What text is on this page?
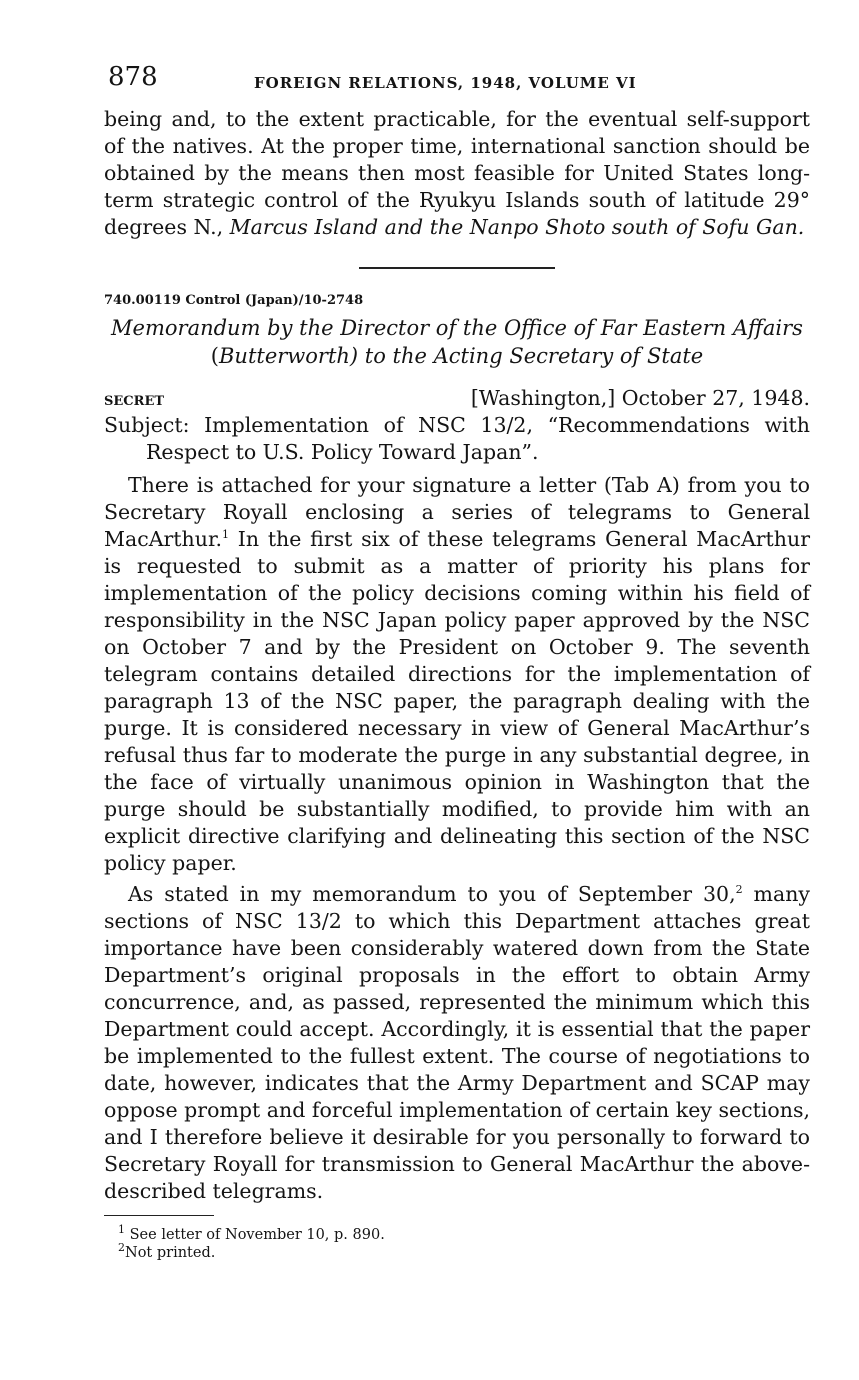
878	FOREIGN RELATIONS, 1948, VOLUME VI

being and, to the extent practicable, for the eventual self-support of the natives. At the proper time, international sanction should be obtained by the means then most feasible for United States long-term strategic control of the Ryukyu Islands south of latitude 29° degrees N., Marcus Island and the Nanpo Shoto south of Sofu Gan.

740.00119 Control (Japan)/10-2748

Memorandum by the Director of the Office of Far Eastern Affairs
(Butterworth) to the Acting Secretary of State

SECRET	[Washington,] October 27, 1948.

Subject: Implementation of NSC 13/2, “Recommendations with Respect to U.S. Policy Toward Japan”.

There is attached for your signature a letter (Tab A) from you to Secretary Royall enclosing a series of telegrams to General MacArthur.$^1$ In the first six of these telegrams General MacArthur is requested to submit as a matter of priority his plans for implementation of the policy decisions coming within his field of responsibility in the NSC Japan policy paper approved by the NSC on October 7 and by the President on October 9. The seventh telegram contains detailed directions for the implementation of paragraph 13 of the NSC paper, the paragraph dealing with the purge. It is considered necessary in view of General MacArthur’s refusal thus far to moderate the purge in any substantial degree, in the face of virtually unanimous opinion in Washington that the purge should be substantially modified, to provide him with an explicit directive clarifying and delineating this section of the NSC policy paper.

As stated in my memorandum to you of September 30,$^2$ many sections of NSC 13/2 to which this Department attaches great importance have been considerably watered down from the State Department’s original proposals in the effort to obtain Army concurrence, and, as passed, represented the minimum which this Department could accept. Accordingly, it is essential that the paper be implemented to the fullest extent. The course of negotiations to date, however, indicates that the Army Department and SCAP may oppose prompt and forceful implementation of certain key sections, and I therefore believe it desirable for you personally to forward to Secretary Royall for transmission to General MacArthur the above-described telegrams.

$^1$ See letter of November 10, p. 890.
$^2$Not printed.
